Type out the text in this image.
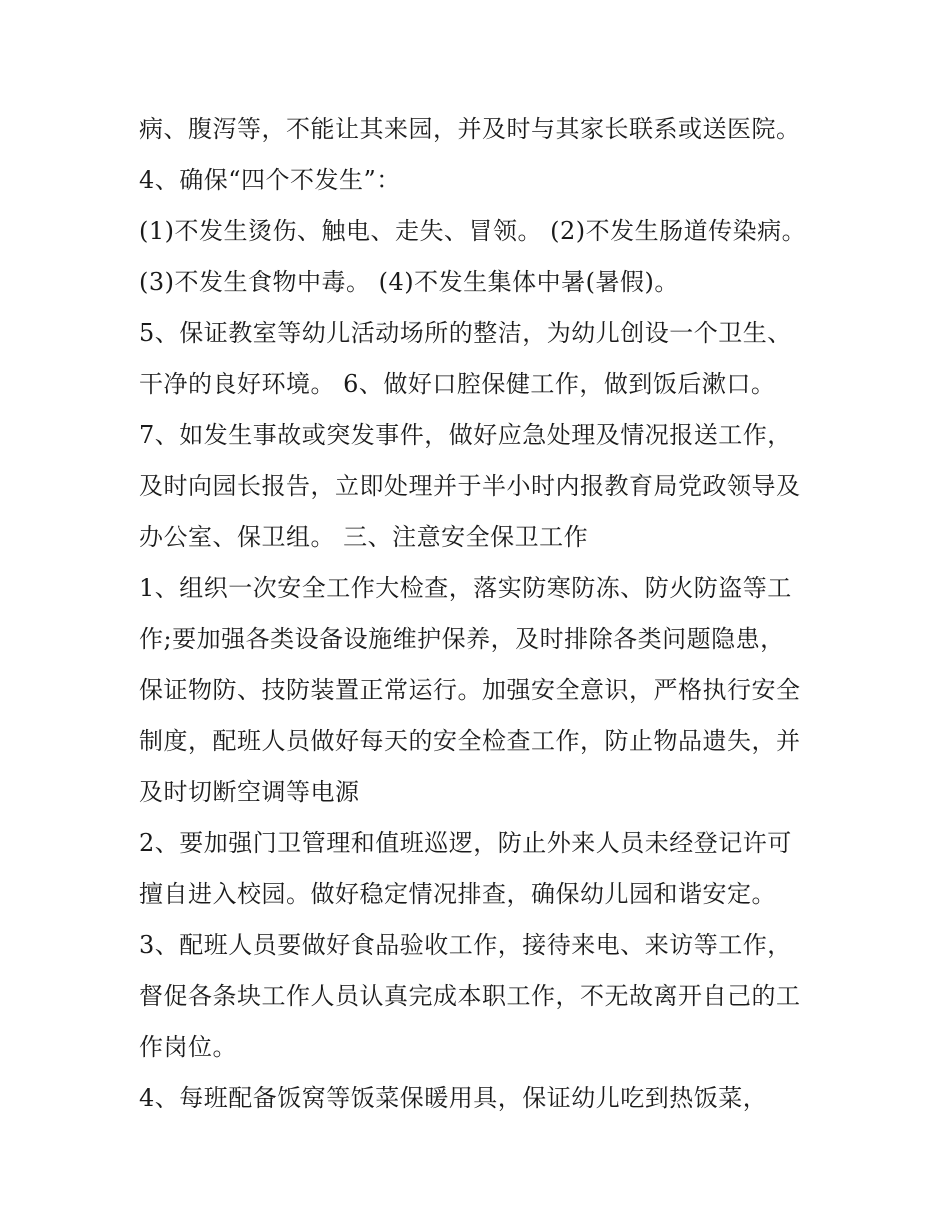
病、腹泻等，不能让其来园，并及时与其家长联系或送医院。
4、确保“四个不发生”：
(1)不发生烫伤、触电、走失、冒领。 (2)不发生肠道传染病。
(3)不发生食物中毒。 (4)不发生集体中暑(暑假)。
5、保证教室等幼儿活动场所的整洁，为幼儿创设一个卫生、
干净的良好环境。 6、做好口腔保健工作，做到饭后漱口。
7、如发生事故或突发事件，做好应急处理及情况报送工作，
及时向园长报告，立即处理并于半小时内报教育局党政领导及
办公室、保卫组。 三、注意安全保卫工作
1、组织一次安全工作大检查，落实防寒防冻、防火防盗等工
作;要加强各类设备设施维护保养，及时排除各类问题隐患，
保证物防、技防装置正常运行。加强安全意识，严格执行安全
制度，配班人员做好每天的安全检查工作，防止物品遗失，并
及时切断空调等电源
2、要加强门卫管理和值班巡逻，防止外来人员未经登记许可
擅自进入校园。做好稳定情况排查，确保幼儿园和谐安定。
3、配班人员要做好食品验收工作，接待来电、来访等工作，
督促各条块工作人员认真完成本职工作，不无故离开自己的工
作岗位。
4、每班配备饭窝等饭菜保暖用具，保证幼儿吃到热饭菜，
